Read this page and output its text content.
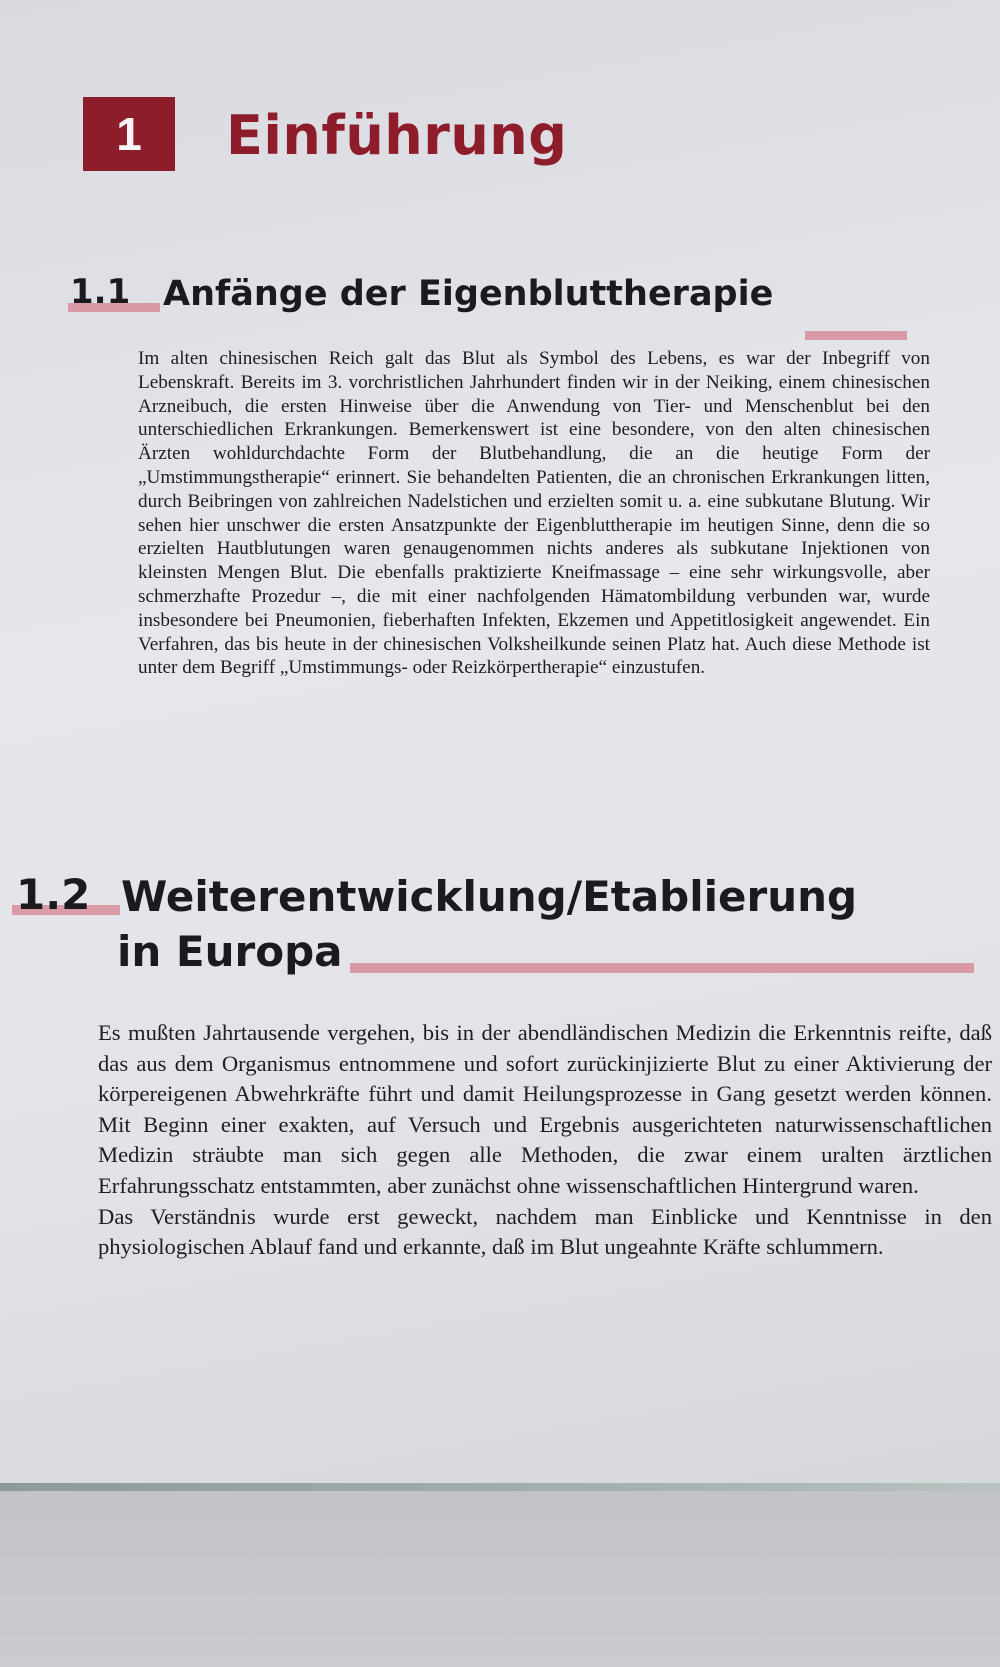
1 Einführung
1.1 Anfänge der Eigenbluttherapie
Im alten chinesischen Reich galt das Blut als Symbol des Lebens, es war der Inbegriff von Lebenskraft. Bereits im 3. vorchristlichen Jahrhundert finden wir in der Neiking, einem chinesischen Arzneibuch, die ersten Hinweise über die Anwendung von Tier- und Menschenblut bei den unterschiedlichen Erkrankungen. Bemerkenswert ist eine besondere, von den alten chinesischen Ärzten wohldurchdachte Form der Blutbehandlung, die an die heutige Form der „Umstimmungstherapie“ erinnert. Sie behandelten Patienten, die an chronischen Erkrankungen litten, durch Beibringen von zahlreichen Nadelstichen und erzielten somit u. a. eine subkutane Blutung. Wir sehen hier unschwer die ersten Ansatzpunkte der Eigenbluttherapie im heutigen Sinne, denn die so erzielten Hautblutungen waren genaugenommen nichts anderes als subkutane Injektionen von kleinsten Mengen Blut. Die ebenfalls praktizierte Kneifmassage – eine sehr wirkungsvolle, aber schmerzhafte Prozedur –, die mit einer nachfolgenden Hämatombildung verbunden war, wurde insbesondere bei Pneumonien, fieberhaften Infekten, Ekzemen und Appetitlosigkeit angewendet. Ein Verfahren, das bis heute in der chinesischen Volksheilkunde seinen Platz hat. Auch diese Methode ist unter dem Begriff „Umstimmungs- oder Reizkörpertherapie“ einzustufen.
1.2 Weiterentwicklung/Etablierung
in Europa
Es mußten Jahrtausende vergehen, bis in der abendländischen Medizin die Erkenntnis reifte, daß das aus dem Organismus entnommene und sofort zurückinjizierte Blut zu einer Aktivierung der körpereigenen Abwehrkräfte führt und damit Heilungsprozesse in Gang gesetzt werden können. Mit Beginn einer exakten, auf Versuch und Ergebnis ausgerichteten naturwissenschaftlichen Medizin sträubte man sich gegen alle Methoden, die zwar einem uralten ärztlichen Erfahrungsschatz entstammten, aber zunächst ohne wissenschaftlichen Hintergrund waren.
Das Verständnis wurde erst geweckt, nachdem man Einblicke und Kenntnisse in den physiologischen Ablauf fand und erkannte, daß im Blut ungeahnte Kräfte schlummern.
